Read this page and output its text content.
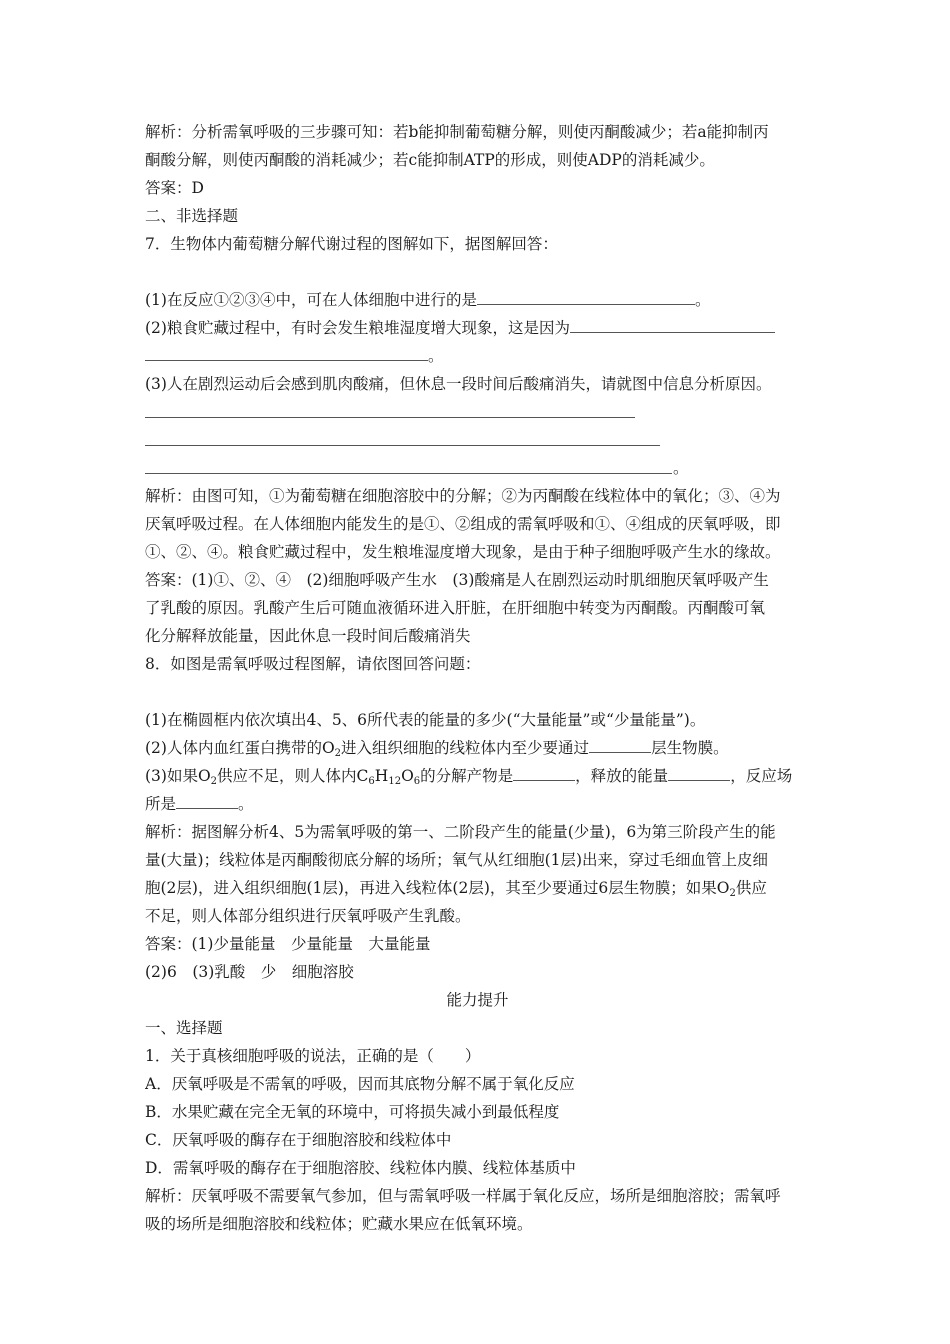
解析：分析需氧呼吸的三步骤可知：若b能抑制葡萄糖分解，则使丙酮酸减少；若a能抑制丙
酮酸分解，则使丙酮酸的消耗减少；若c能抑制ATP的形成，则使ADP的消耗减少。
答案：D
二、非选择题
7．生物体内葡萄糖分解代谢过程的图解如下，据图解回答：
(1)在反应①②③④中，可在人体细胞中进行的是	。
(2)粮食贮藏过程中，有时会发生粮堆湿度增大现象，这是因为
。
(3)人在剧烈运动后会感到肌肉酸痛，但休息一段时间后酸痛消失，请就图中信息分析原因。
。
解析：由图可知，①为葡萄糖在细胞溶胶中的分解；②为丙酮酸在线粒体中的氧化；③、④为
厌氧呼吸过程。在人体细胞内能发生的是①、②组成的需氧呼吸和①、④组成的厌氧呼吸，即
①、②、④。粮食贮藏过程中，发生粮堆湿度增大现象，是由于种子细胞呼吸产生水的缘故。
答案：(1)①、②、④　(2)细胞呼吸产生水　(3)酸痛是人在剧烈运动时肌细胞厌氧呼吸产生
了乳酸的原因。乳酸产生后可随血液循环进入肝脏，在肝细胞中转变为丙酮酸。丙酮酸可氧
化分解释放能量，因此休息一段时间后酸痛消失
8．如图是需氧呼吸过程图解，请依图回答问题：
(1)在椭圆框内依次填出4、5、6所代表的能量的多少(“大量能量”或“少量能量”)。
(2)人体内血红蛋白携带的$O_2$进入组织细胞的线粒体内至少要通过	层生物膜。
(3)如果$O_2$供应不足，则人体内$C_6H_{12}O_6$的分解产物是	，释放的能量	，反应场
所是	。
解析：据图解分析4、5为需氧呼吸的第一、二阶段产生的能量(少量)，6为第三阶段产生的能
量(大量)；线粒体是丙酮酸彻底分解的场所；氧气从红细胞(1层)出来，穿过毛细血管上皮细
胞(2层)，进入组织细胞(1层)，再进入线粒体(2层)，其至少要通过6层生物膜；如果$O_2$供应
不足，则人体部分组织进行厌氧呼吸产生乳酸。
答案：(1)少量能量　少量能量　大量能量
(2)6　(3)乳酸　少　细胞溶胶
能力提升
一、选择题
1．关于真核细胞呼吸的说法，正确的是（　　）
A．厌氧呼吸是不需氧的呼吸，因而其底物分解不属于氧化反应
B．水果贮藏在完全无氧的环境中，可将损失减小到最低程度
C．厌氧呼吸的酶存在于细胞溶胶和线粒体中
D．需氧呼吸的酶存在于细胞溶胶、线粒体内膜、线粒体基质中
解析：厌氧呼吸不需要氧气参加，但与需氧呼吸一样属于氧化反应，场所是细胞溶胶；需氧呼
吸的场所是细胞溶胶和线粒体；贮藏水果应在低氧环境。
